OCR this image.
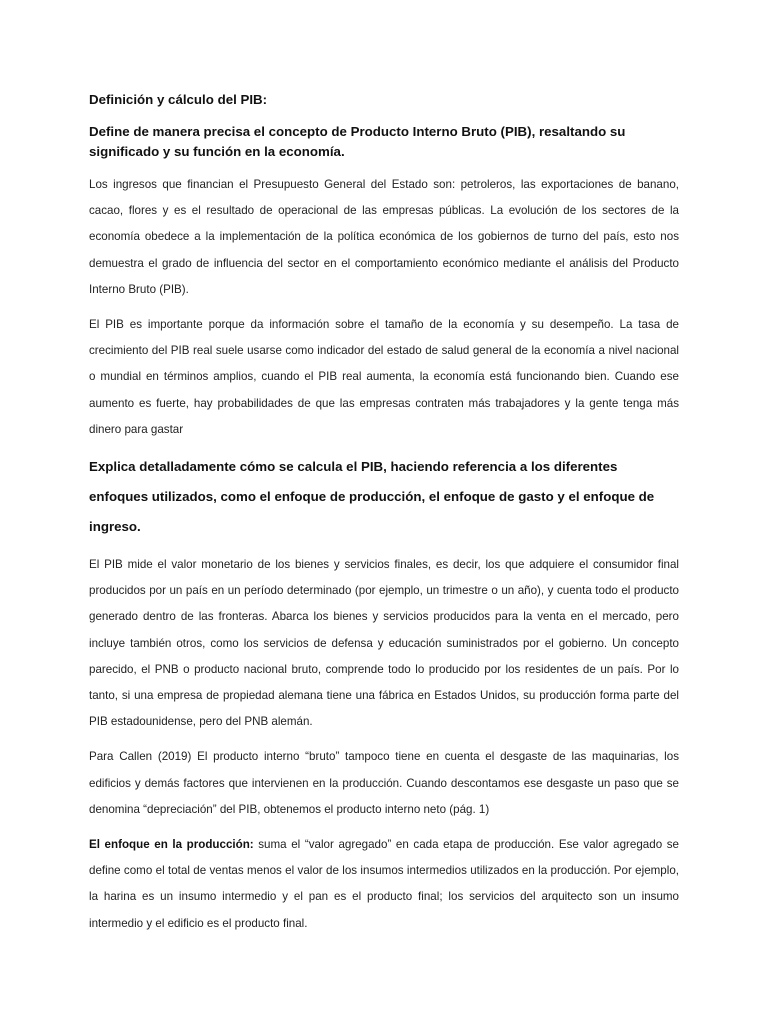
Definición y cálculo del PIB:
Define de manera precisa el concepto de Producto Interno Bruto (PIB), resaltando su significado y su función en la economía.

Los ingresos que financian el Presupuesto General del Estado son: petroleros, las exportaciones de banano, cacao, flores y es el resultado de operacional de las empresas públicas. La evolución de los sectores de la economía obedece a la implementación de la política económica de los gobiernos de turno del país, esto nos demuestra el grado de influencia del sector en el comportamiento económico mediante el análisis del Producto Interno Bruto (PIB).

El PIB es importante porque da información sobre el tamaño de la economía y su desempeño. La tasa de crecimiento del PIB real suele usarse como indicador del estado de salud general de la economía a nivel nacional o mundial en términos amplios, cuando el PIB real aumenta, la economía está funcionando bien. Cuando ese aumento es fuerte, hay probabilidades de que las empresas contraten más trabajadores y la gente tenga más dinero para gastar

Explica detalladamente cómo se calcula el PIB, haciendo referencia a los diferentes enfoques utilizados, como el enfoque de producción, el enfoque de gasto y el enfoque de ingreso.

El PIB mide el valor monetario de los bienes y servicios finales, es decir, los que adquiere el consumidor final producidos por un país en un período determinado (por ejemplo, un trimestre o un año), y cuenta todo el producto generado dentro de las fronteras. Abarca los bienes y servicios producidos para la venta en el mercado, pero incluye también otros, como los servicios de defensa y educación suministrados por el gobierno. Un concepto parecido, el PNB o producto nacional bruto, comprende todo lo producido por los residentes de un país. Por lo tanto, si una empresa de propiedad alemana tiene una fábrica en Estados Unidos, su producción forma parte del PIB estadounidense, pero del PNB alemán.

Para Callen (2019) El producto interno “bruto” tampoco tiene en cuenta el desgaste de las maquinarias, los edificios y demás factores que intervienen en la producción. Cuando descontamos ese desgaste un paso que se denomina “depreciación” del PIB, obtenemos el producto interno neto (pág. 1)

El enfoque en la producción: suma el “valor agregado” en cada etapa de producción. Ese valor agregado se define como el total de ventas menos el valor de los insumos intermedios utilizados en la producción. Por ejemplo, la harina es un insumo intermedio y el pan es el producto final; los servicios del arquitecto son un insumo intermedio y el edificio es el producto final.
